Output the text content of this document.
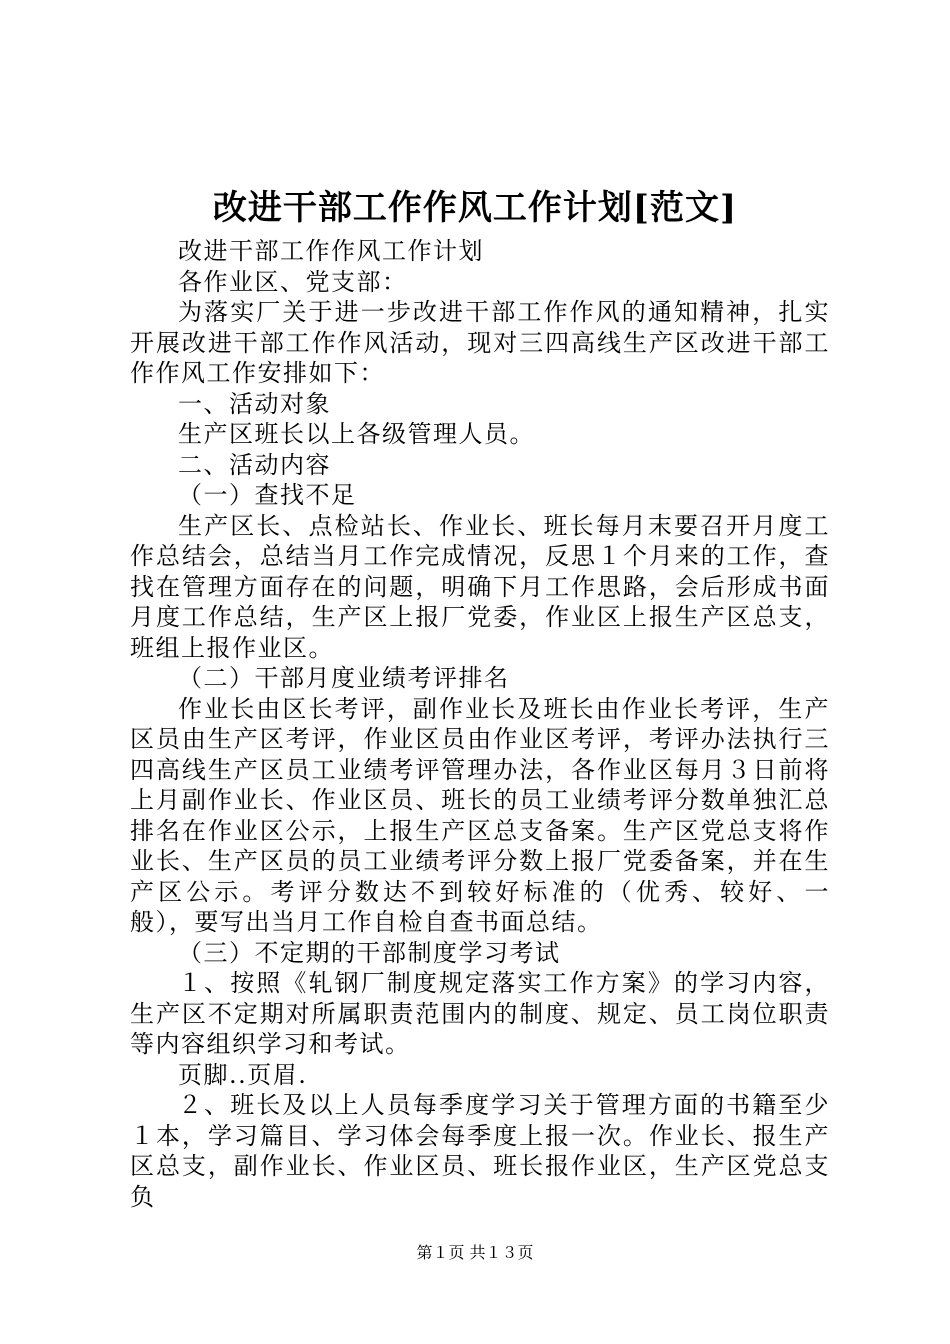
改进干部工作作风工作计划[范文]

改进干部工作作风工作计划

各作业区、党支部：

为落实厂关于进一步改进干部工作作风的通知精神，扎实开展改进干部工作作风活动，现对三四高线生产区改进干部工作作风工作安排如下：

一、活动对象

生产区班长以上各级管理人员。

二、活动内容

（一）查找不足

生产区长、点检站长、作业长、班长每月末要召开月度工作总结会，总结当月工作完成情况，反思１个月来的工作，查找在管理方面存在的问题，明确下月工作思路，会后形成书面月度工作总结，生产区上报厂党委，作业区上报生产区总支，班组上报作业区。

（二）干部月度业绩考评排名

作业长由区长考评，副作业长及班长由作业长考评，生产区员由生产区考评，作业区员由作业区考评，考评办法执行三四高线生产区员工业绩考评管理办法，各作业区每月３日前将上月副作业长、作业区员、班长的员工业绩考评分数单独汇总排名在作业区公示，上报生产区总支备案。生产区党总支将作业长、生产区员的员工业绩考评分数上报厂党委备案，并在生产区公示。考评分数达不到较好标准的（优秀、较好、一般），要写出当月工作自检自查书面总结。

（三）不定期的干部制度学习考试

１、按照《轧钢厂制度规定落实工作方案》的学习内容，生产区不定期对所属职责范围内的制度、规定、员工岗位职责等内容组织学习和考试。

页脚..页眉.

２、班长及以上人员每季度学习关于管理方面的书籍至少１本，学习篇目、学习体会每季度上报一次。作业长、报生产区总支，副作业长、作业区员、班长报作业区，生产区党总支负

第１页 共１３页
